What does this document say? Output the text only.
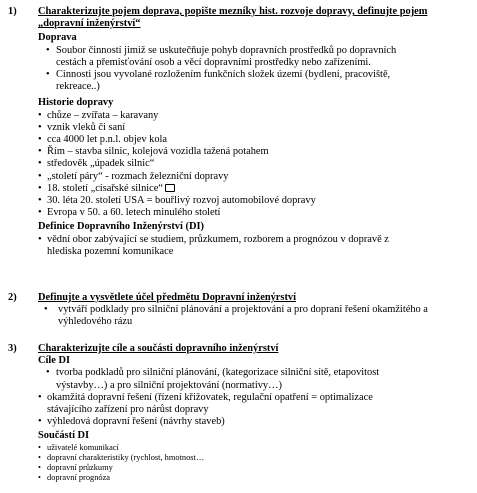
1)	Charakterizujte pojem doprava, popište mezníky hist. rozvoje dopravy, definujte pojem
„dopravní inženýrství“
Doprava
• Soubor činností jimiž se uskutečňuje pohyb dopravních prostředků po dopravních
cestách a přemisťování osob a věcí dopravními prostředky nebo zařízeními.
• Cinnosti jsou vyvolané rozložením funkčních složek území (bydlení, pracoviště,
rekreace..)
Historie dopravy
• chůze – zvířata – karavany
• vznik vleků či saní
• cca 4000 let p.n.l. objev kola
• Řím – stavba silnic, kolejová vozidla tažená potahem
• středověk „úpadek silnic“
• „století páry“ - rozmach železniční dopravy
• 18. století „císařské silnice“
• 30. léta 20. století USA = bouřlivý rozvoj automobilové dopravy
• Evropa v 50. a 60. letech minulého století
Definice Dopravního Inženýrství (DI)
• vědní obor zabývající se studiem, průzkumem, rozborem a prognózou v dopravě z
hlediska pozemní komunikace
2)	Definujte a vysvětlete účel předmětu Dopravní inženýrství
• vytváří podklady pro silniční plánování a projektování a pro doprani řešení okamžitého a
výhledového rázu
3)	Charakterizujte cíle a součásti dopravního inženýrství
Cíle DI
• tvorba podkladů pro silniční plánování, (kategorizace silniční sítě, etapovitost
výstavby…) a pro silniční projektování (normativy…)
• okamžitá dopravní řešení (řízení křižovatek, regulační opatření = optimalizace
stávajícího zařízení pro nárůst dopravy
• výhledová dopravní řešení (návrhy staveb)
Součástí DI
• uživatelé komunikací
• dopravní charakteristiky (rychlost, hmotnost…
• dopravní průzkumy
• dopravní prognóza
